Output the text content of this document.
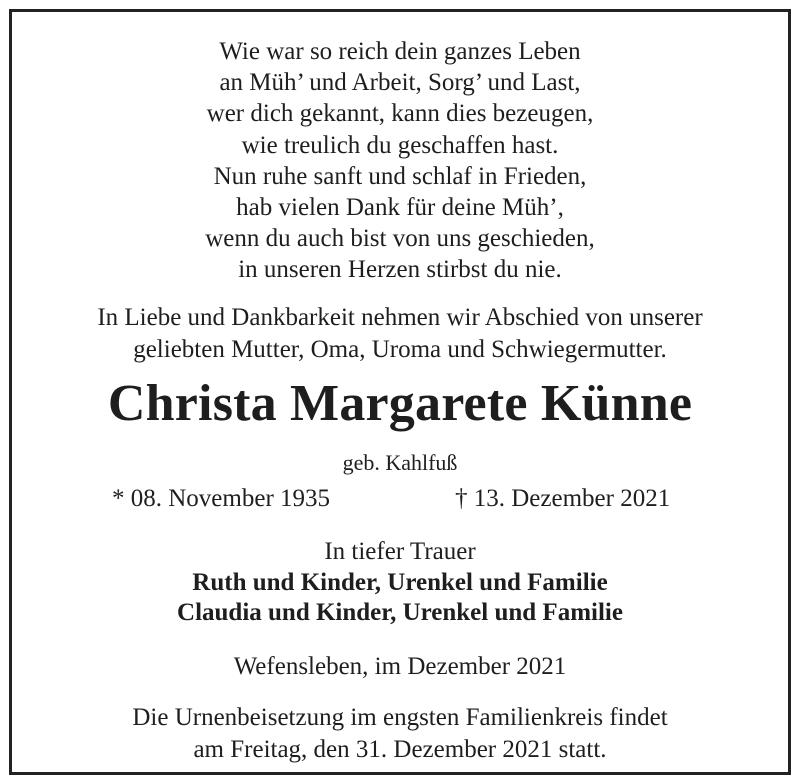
Wie war so reich dein ganzes Leben
an Müh’ und Arbeit, Sorg’ und Last,
wer dich gekannt, kann dies bezeugen,
wie treulich du geschaffen hast.
Nun ruhe sanft und schlaf in Frieden,
hab vielen Dank für deine Müh’,
wenn du auch bist von uns geschieden,
in unseren Herzen stirbst du nie.
In Liebe und Dankbarkeit nehmen wir Abschied von unserer
geliebten Mutter, Oma, Uroma und Schwiegermutter.
Christa Margarete Künne
geb. Kahlfuß
* 08. November 1935	† 13. Dezember 2021
In tiefer Trauer
Ruth und Kinder, Urenkel und Familie
Claudia und Kinder, Urenkel und Familie
Wefensleben, im Dezember 2021
Die Urnenbeisetzung im engsten Familienkreis findet
am Freitag, den 31. Dezember 2021 statt.
